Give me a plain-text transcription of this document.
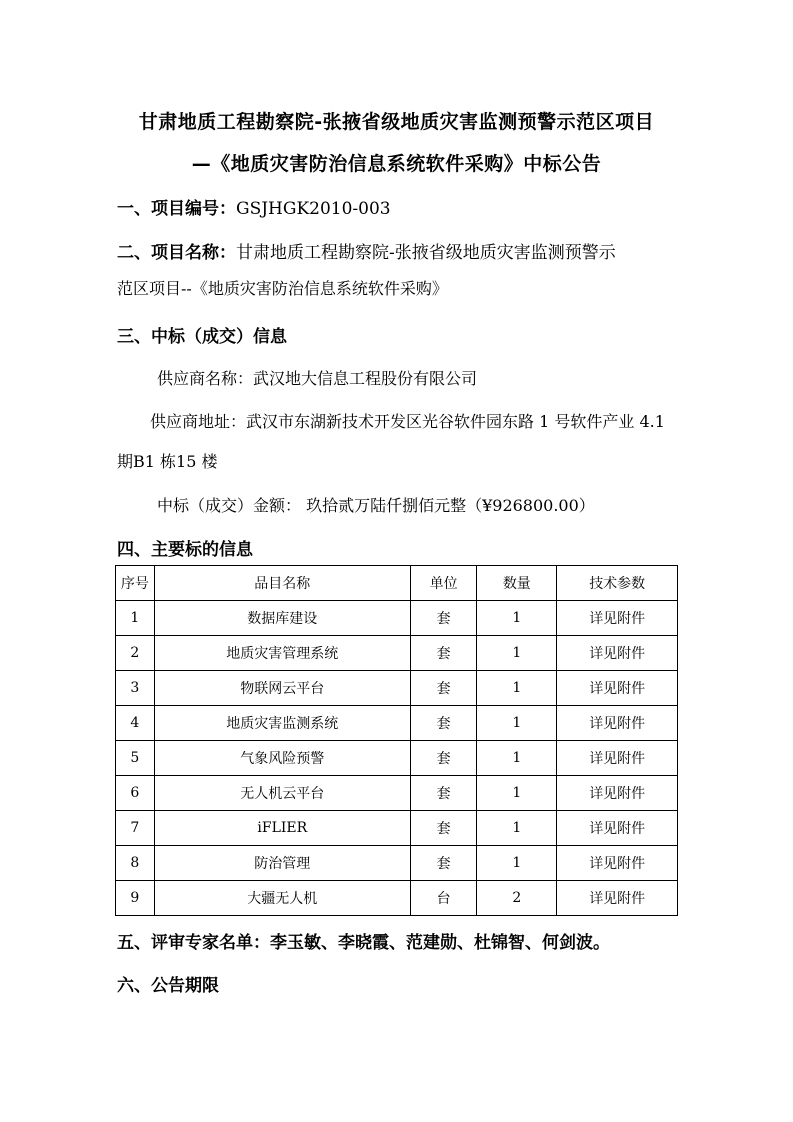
甘肃地质工程勘察院-张掖省级地质灾害监测预警示范区项目
—《地质灾害防治信息系统软件采购》中标公告
一、项目编号：GSJHGK2010-003
二、项目名称：甘肃地质工程勘察院-张掖省级地质灾害监测预警示
范区项目--《地质灾害防治信息系统软件采购》
三、中标（成交）信息
供应商名称：武汉地大信息工程股份有限公司
供应商地址：武汉市东湖新技术开发区光谷软件园东路 1 号软件产业 4.1
期B1 栋15 楼
中标（成交）金额： 玖拾贰万陆仟捌佰元整（¥926800.00）
四、主要标的信息
序号	品目名称	单位	数量	技术参数
1	数据库建设	套	1	详见附件
2	地质灾害管理系统	套	1	详见附件
3	物联网云平台	套	1	详见附件
4	地质灾害监测系统	套	1	详见附件
5	气象风险预警	套	1	详见附件
6	无人机云平台	套	1	详见附件
7	iFLIER	套	1	详见附件
8	防治管理	套	1	详见附件
9	大疆无人机	台	2	详见附件
五、评审专家名单：李玉敏、李晓霞、范建勋、杜锦智、何剑波。
六、公告期限
